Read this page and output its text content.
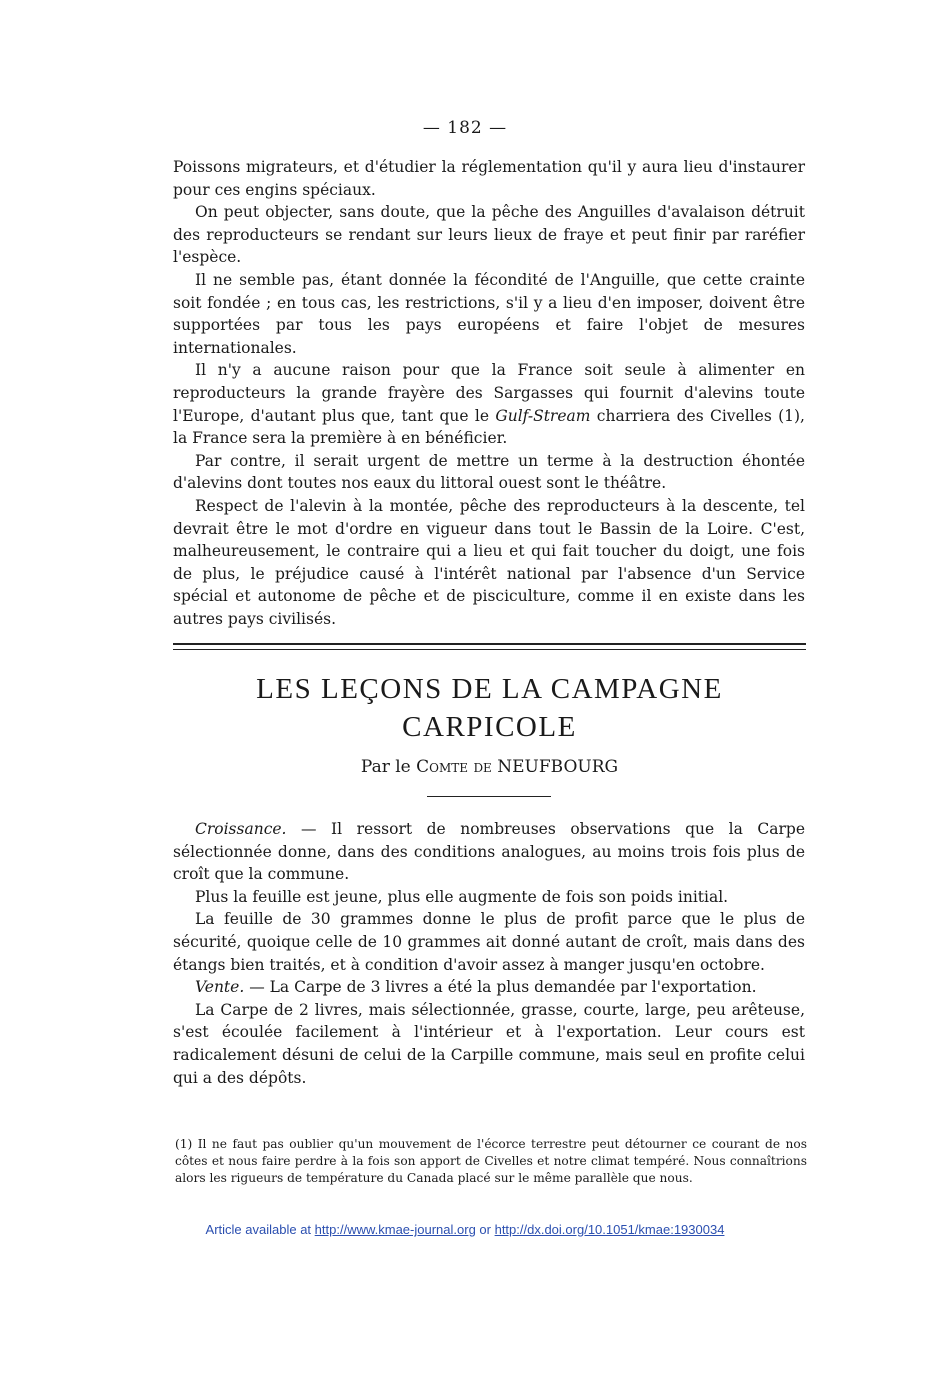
— 182 —

Poissons migrateurs, et d'étudier la réglementation qu'il y aura lieu d'instaurer pour ces engins spéciaux.

On peut objecter, sans doute, que la pêche des Anguilles d'avalaison détruit des reproducteurs se rendant sur leurs lieux de fraye et peut finir par raréfier l'espèce.

Il ne semble pas, étant donnée la fécondité de l'Anguille, que cette crainte soit fondée ; en tous cas, les restrictions, s'il y a lieu d'en imposer, doivent être supportées par tous les pays européens et faire l'objet de mesures internationales.

Il n'y a aucune raison pour que la France soit seule à alimenter en reproducteurs la grande frayère des Sargasses qui fournit d'alevins toute l'Europe, d'autant plus que, tant que le Gulf-Stream charriera des Civelles (1), la France sera la première à en bénéficier.

Par contre, il serait urgent de mettre un terme à la destruction éhontée d'alevins dont toutes nos eaux du littoral ouest sont le théâtre.

Respect de l'alevin à la montée, pêche des reproducteurs à la descente, tel devrait être le mot d'ordre en vigueur dans tout le Bassin de la Loire. C'est, malheureusement, le contraire qui a lieu et qui fait toucher du doigt, une fois de plus, le préjudice causé à l'intérêt national par l'absence d'un Service spécial et autonome de pêche et de pisciculture, comme il en existe dans les autres pays civilisés.

LES LEÇONS DE LA CAMPAGNE
CARPICOLE
Par le Comte de NEUFBOURG

Croissance. — Il ressort de nombreuses observations que la Carpe sélectionnée donne, dans des conditions analogues, au moins trois fois plus de croît que la commune.

Plus la feuille est jeune, plus elle augmente de fois son poids initial.

La feuille de 30 grammes donne le plus de profit parce que le plus de sécurité, quoique celle de 10 grammes ait donné autant de croît, mais dans des étangs bien traités, et à condition d'avoir assez à manger jusqu'en octobre.

Vente. — La Carpe de 3 livres a été la plus demandée par l'exportation.

La Carpe de 2 livres, mais sélectionnée, grasse, courte, large, peu arêteuse, s'est écoulée facilement à l'intérieur et à l'exportation. Leur cours est radicalement désuni de celui de la Carpille commune, mais seul en profite celui qui a des dépôts.

(1) Il ne faut pas oublier qu'un mouvement de l'écorce terrestre peut détourner ce courant de nos côtes et nous faire perdre à la fois son apport de Civelles et notre climat tempéré. Nous connaîtrions alors les rigueurs de température du Canada placé sur le même parallèle que nous.

Article available at http://www.kmae-journal.org or http://dx.doi.org/10.1051/kmae:1930034
